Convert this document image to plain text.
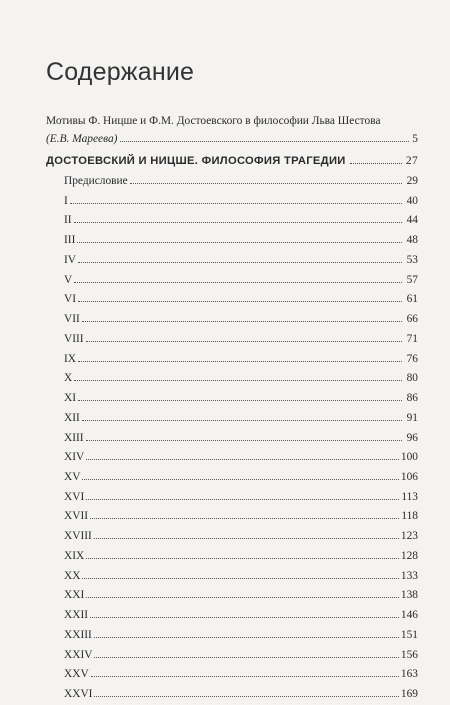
Содержание
Мотивы Ф. Ницше и Ф.М. Достоевского в философии Льва Шестова
(Е.В. Мареева)	5
ДОСТОЕВСКИЙ И НИЦШЕ. ФИЛОСОФИЯ ТРАГЕДИИ	27
Предисловие	29
I	40
II	44
III	48
IV	53
V	57
VI	61
VII	66
VIII	71
IX	76
X	80
XI	86
XII	91
XIII	96
XIV	100
XV	106
XVI	113
XVII	118
XVIII	123
XIX	128
XX	133
XXI	138
XXII	146
XXIII	151
XXIV	156
XXV	163
XXVI	169
